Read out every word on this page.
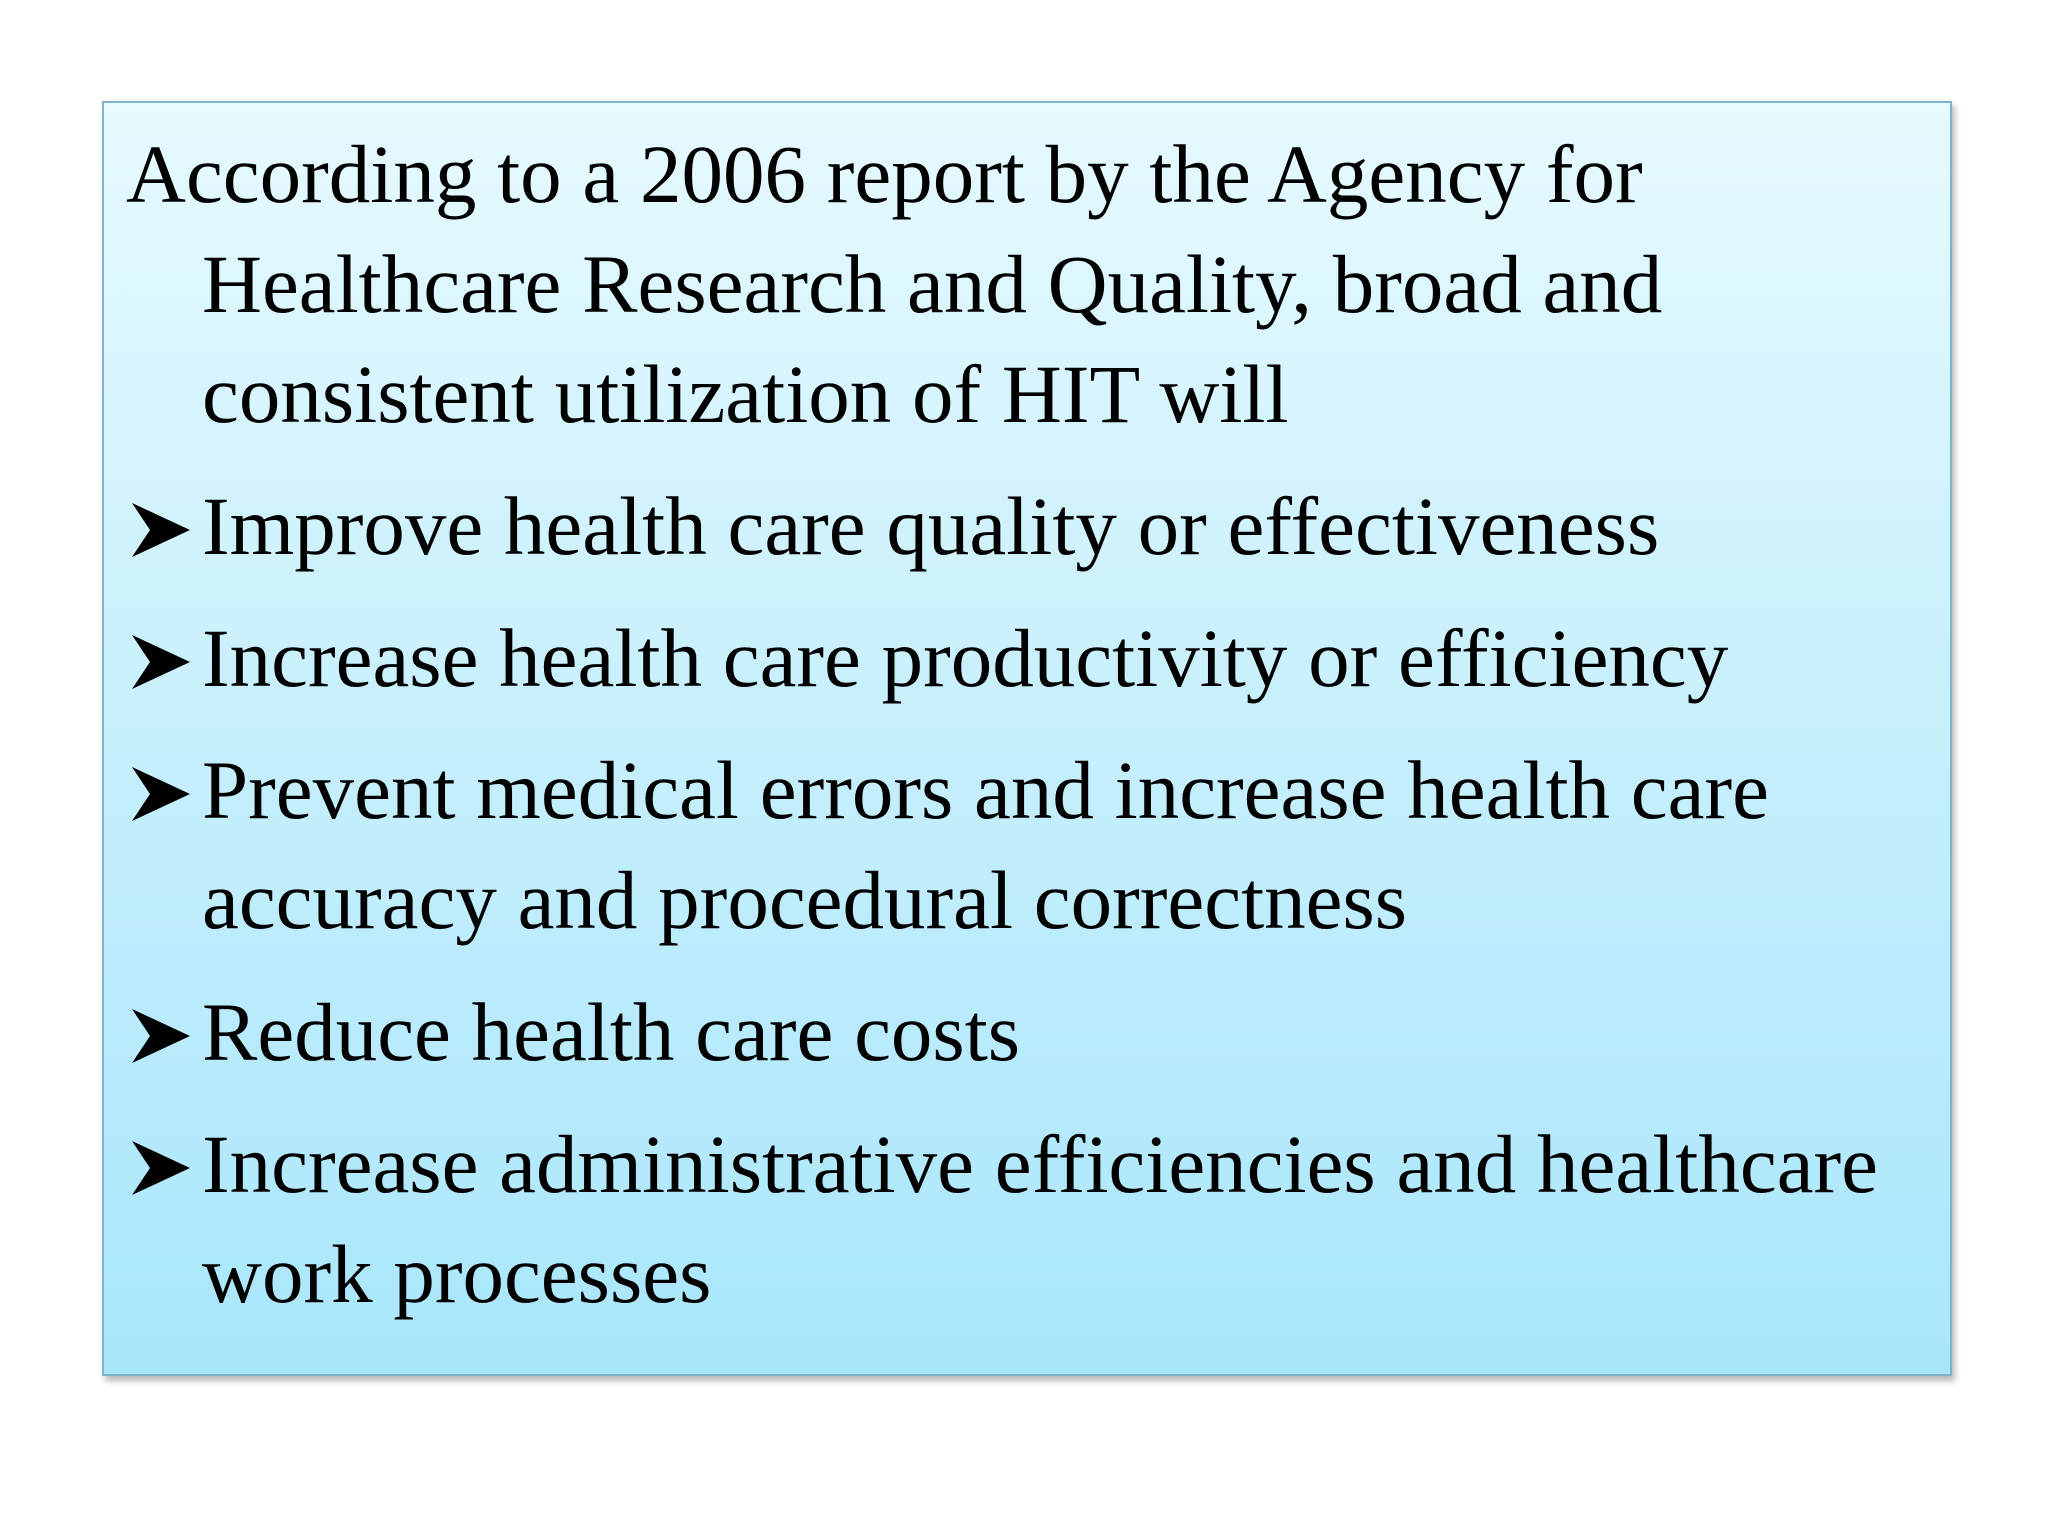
According to a 2006 report by the Agency for Healthcare Research and Quality, broad and consistent utilization of HIT will

Improve health care quality or effectiveness
Increase health care productivity or efficiency
Prevent medical errors and increase health care accuracy and procedural correctness
Reduce health care costs
Increase administrative efficiencies and healthcare work processes
